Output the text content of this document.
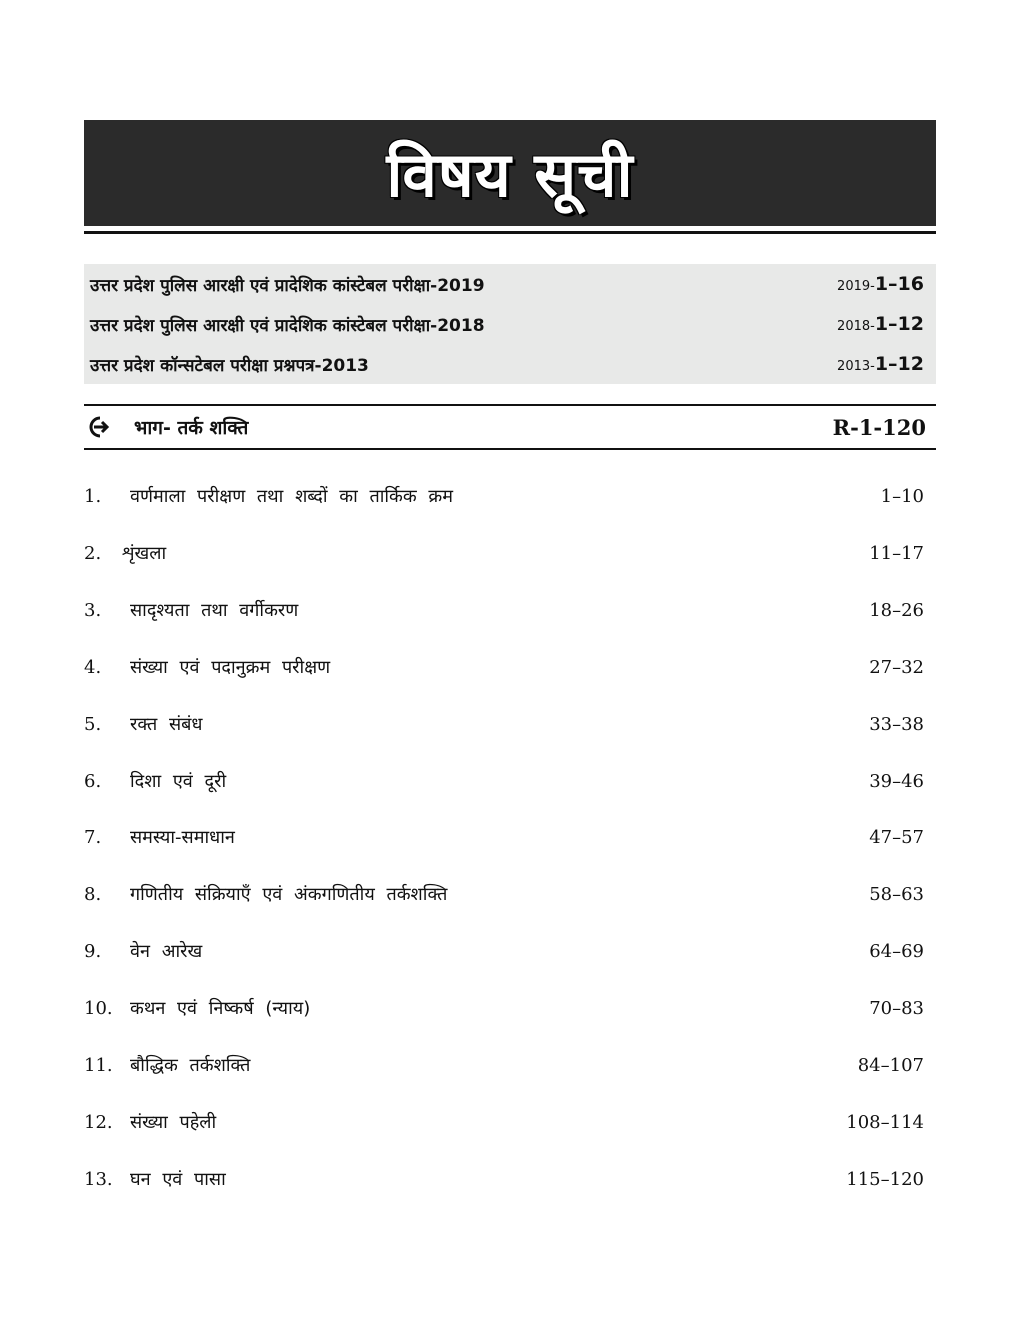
विषय सूची
उत्तर प्रदेश पुलिस आरक्षी एवं प्रादेशिक कांस्टेबल परीक्षा-2019	2019-1–16
उत्तर प्रदेश पुलिस आरक्षी एवं प्रादेशिक कांस्टेबल परीक्षा-2018	2018-1–12
उत्तर प्रदेश कॉन्सटेबल परीक्षा प्रश्नपत्र-2013	2013-1–12
भाग- तर्क शक्ति	R-1-120
1.	वर्णमाला परीक्षण तथा शब्दों का तार्किक क्रम	1–10
2.	शृंखला	11–17
3.	सादृश्यता तथा वर्गीकरण	18–26
4.	संख्या एवं पदानुक्रम परीक्षण	27–32
5.	रक्त संबंध	33–38
6.	दिशा एवं दूरी	39–46
7.	समस्या-समाधान	47–57
8.	गणितीय संक्रियाएँ एवं अंकगणितीय तर्कशक्ति	58–63
9.	वेन आरेख	64–69
10. कथन एवं निष्कर्ष (न्याय)	70–83
11. बौद्धिक तर्कशक्ति	84–107
12. संख्या पहेली	108–114
13. घन एवं पासा	115–120
